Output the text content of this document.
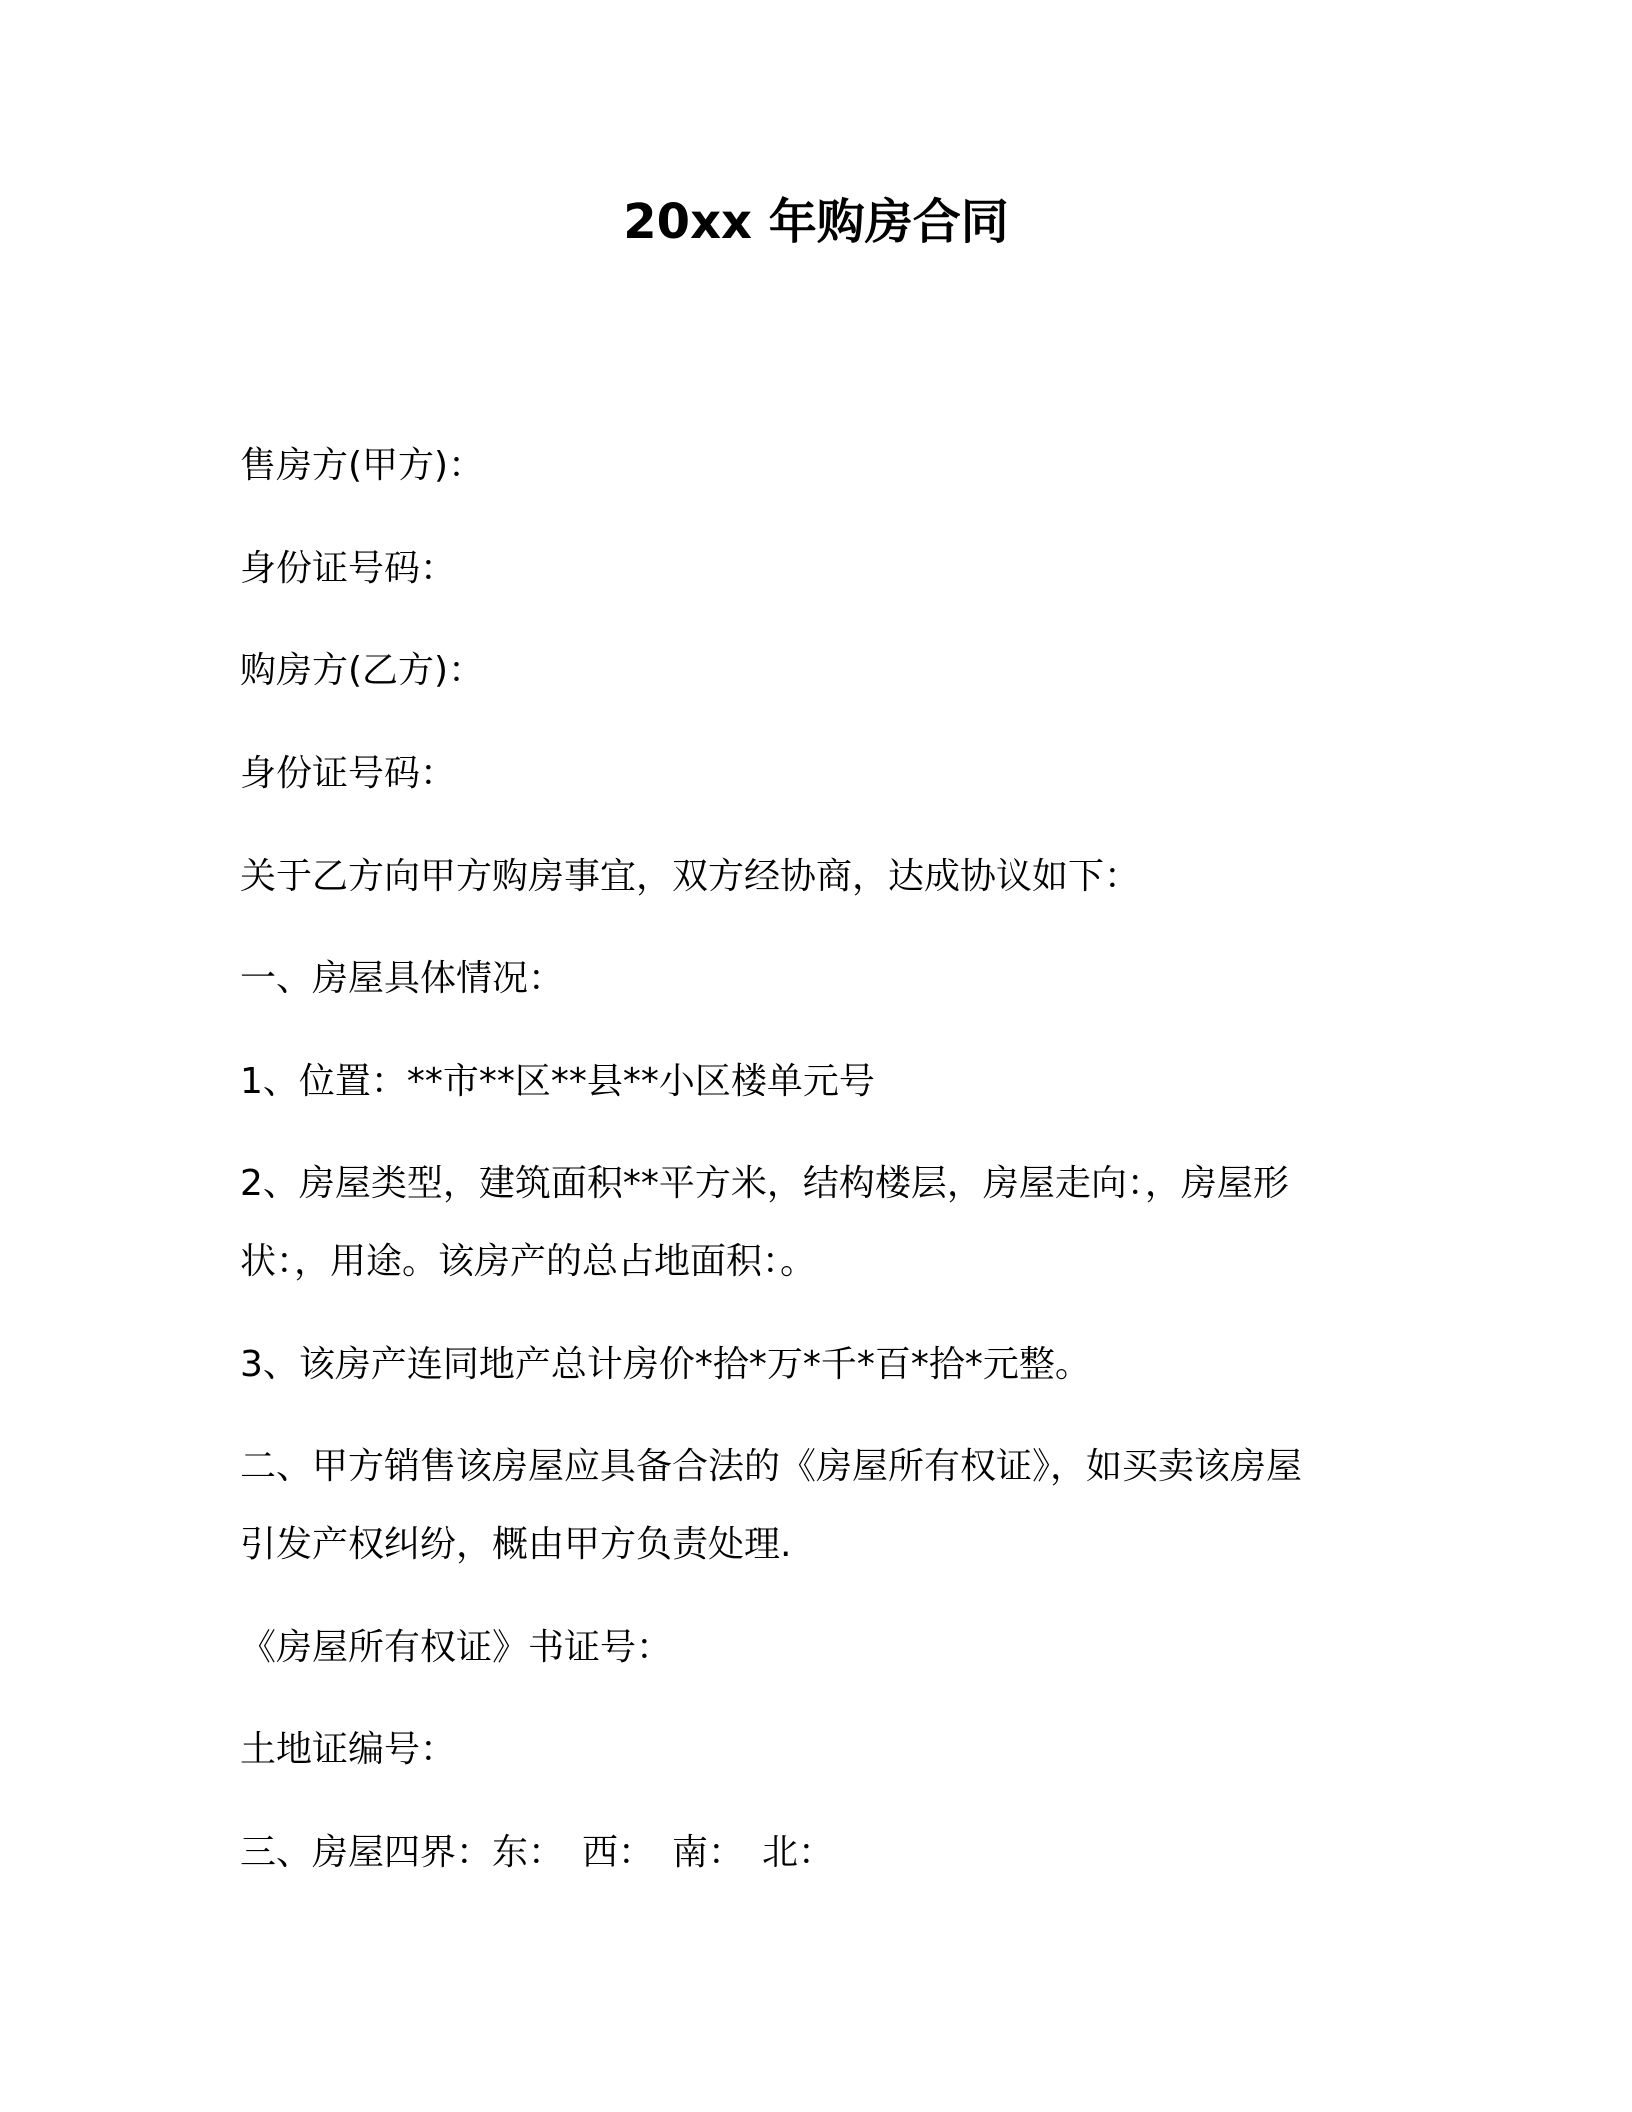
20xx 年购房合同
售房方(甲方)：
身份证号码：
购房方(乙方)：
身份证号码：
关于乙方向甲方购房事宜，双方经协商，达成协议如下：
一、房屋具体情况：
1、位置：**市**区**县**小区楼单元号
2、房屋类型，建筑面积**平方米，结构楼层，房屋走向：，房屋形
状：，用途。该房产的总占地面积：。
3、该房产连同地产总计房价*拾*万*千*百*拾*元整。
二、甲方销售该房屋应具备合法的《房屋所有权证》，如买卖该房屋
引发产权纠纷，概由甲方负责处理.
《房屋所有权证》书证号：
土地证编号：
三、房屋四界：东：　西：　南：　北：
